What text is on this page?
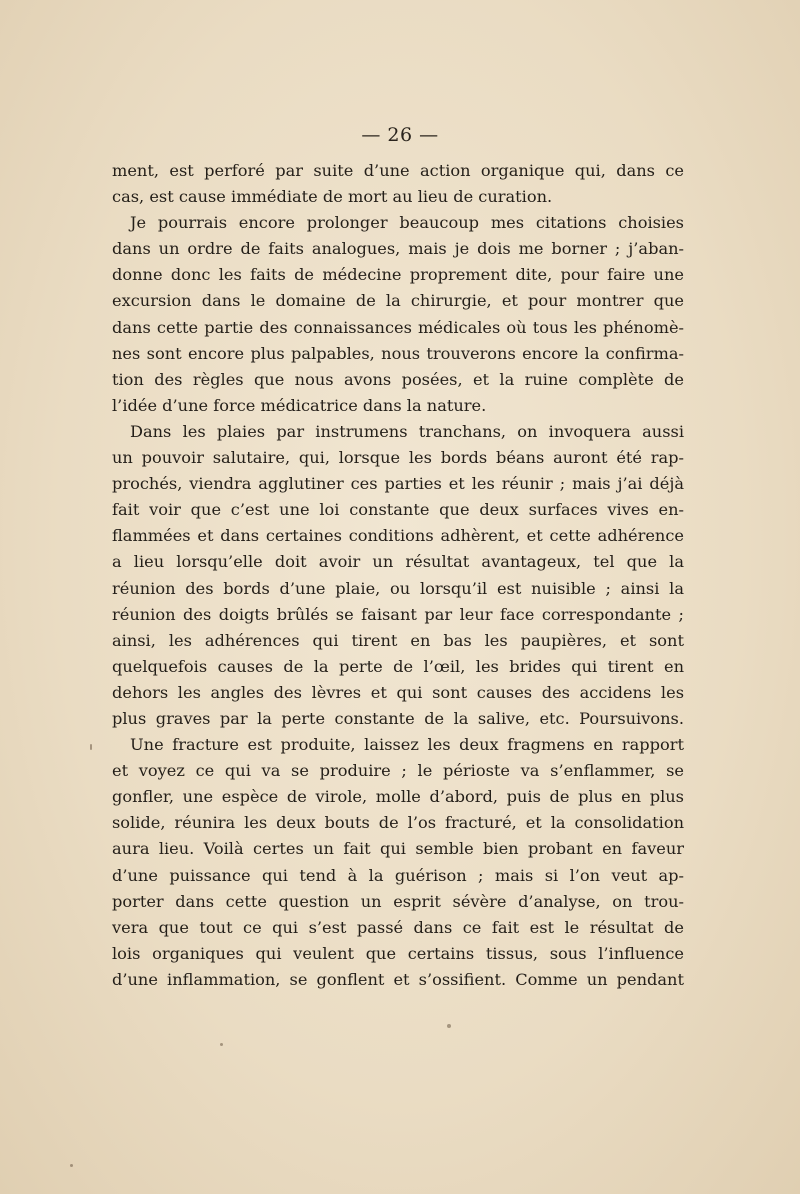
— 26 —
ment, est perforé par suite d’une action organique qui, dans ce
cas, est cause immédiate de mort au lieu de curation.
Je pourrais encore prolonger beaucoup mes citations choisies
dans un ordre de faits analogues, mais je dois me borner ; j’aban-
donne donc les faits de médecine proprement dite, pour faire une
excursion dans le domaine de la chirurgie, et pour montrer que
dans cette partie des connaissances médicales où tous les phénomè-
nes sont encore plus palpables, nous trouverons encore la confirma-
tion des règles que nous avons posées, et la ruine complète de
l’idée d’une force médicatrice dans la nature.
Dans les plaies par instrumens tranchans, on invoquera aussi
un pouvoir salutaire, qui, lorsque les bords béans auront été rap-
prochés, viendra agglutiner ces parties et les réunir ; mais j’ai déjà
fait voir que c’est une loi constante que deux surfaces vives en-
flammées et dans certaines conditions adhèrent, et cette adhérence
a lieu lorsqu’elle doit avoir un résultat avantageux, tel que la
réunion des bords d’une plaie, ou lorsqu’il est nuisible ; ainsi la
réunion des doigts brûlés se faisant par leur face correspondante ;
ainsi, les adhérences qui tirent en bas les paupières, et sont
quelquefois causes de la perte de l’œil, les brides qui tirent en
dehors les angles des lèvres et qui sont causes des accidens les
plus graves par la perte constante de la salive, etc. Poursuivons.
Une fracture est produite, laissez les deux fragmens en rapport
et voyez ce qui va se produire ; le périoste va s’enflammer, se
gonfler, une espèce de virole, molle d’abord, puis de plus en plus
solide, réunira les deux bouts de l’os fracturé, et la consolidation
aura lieu. Voilà certes un fait qui semble bien probant en faveur
d’une puissance qui tend à la guérison ; mais si l’on veut ap-
porter dans cette question un esprit sévère d’analyse, on trou-
vera que tout ce qui s’est passé dans ce fait est le résultat de
lois organiques qui veulent que certains tissus, sous l’influence
d’une inflammation, se gonflent et s’ossifient. Comme un pendant
